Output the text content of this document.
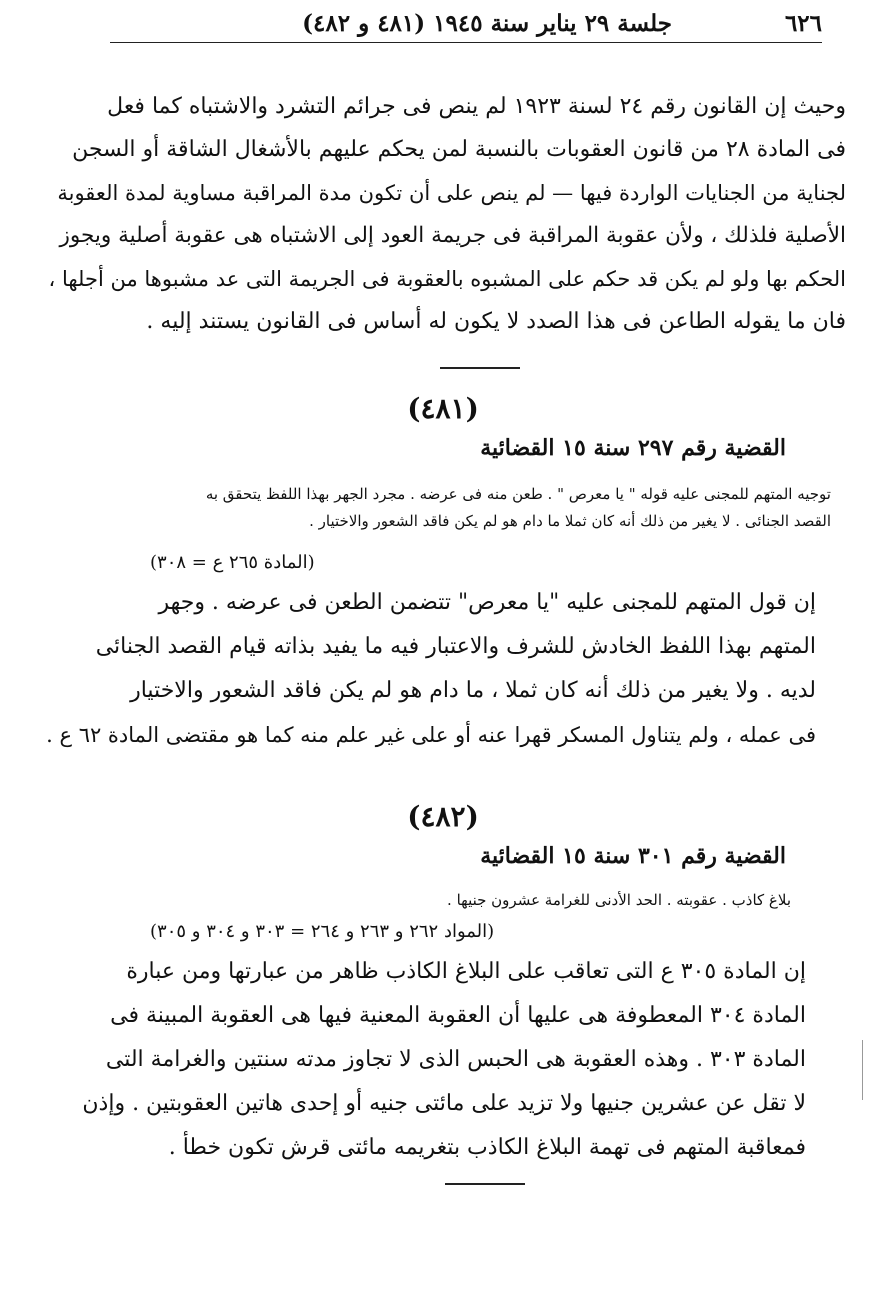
٦٢٦
جلسة ٢٩ يناير سنة ١٩٤٥ (٤٨١ و ٤٨٢)
وحيث إن القانون رقم ٢٤ لسنة ١٩٢٣ لم ينص فى جرائم التشرد والاشتباه كما فعل
فى المادة ٢٨ من قانون العقوبات بالنسبة لمن يحكم عليهم بالأشغال الشاقة أو السجن
لجناية من الجنايات الواردة فيها — لم ينص على أن تكون مدة المراقبة مساوية لمدة العقوبة
الأصلية فلذلك ، ولأن عقوبة المراقبة فى جريمة العود إلى الاشتباه هى عقوبة أصلية ويجوز
الحكم بها ولو لم يكن قد حكم على المشبوه بالعقوبة فى الجريمة التى عد مشبوها من أجلها ،
فان ما يقوله الطاعن فى هذا الصدد لا يكون له أساس فى القانون يستند إليه .
(٤٨١)
القضية رقم ٢٩٧ سنة ١٥ القضائية
توجيه المتهم للمجنى عليه قوله " يا معرص " . طعن منه فى عرضه . مجرد الجهر بهذا اللفظ يتحقق به
القصد الجنائى . لا يغير من ذلك أنه كان ثملا ما دام هو لم يكن فاقد الشعور والاختيار .
(المادة ٢٦٥ ع = ٣٠٨)
إن قول المتهم للمجنى عليه "يا معرص" تتضمن الطعن فى عرضه . وجهر
المتهم بهذا اللفظ الخادش للشرف والاعتبار فيه ما يفيد بذاته قيام القصد الجنائى
لديه . ولا يغير من ذلك أنه كان ثملا ، ما دام هو لم يكن فاقد الشعور والاختيار
فى عمله ، ولم يتناول المسكر قهرا عنه أو على غير علم منه كما هو مقتضى المادة ٦٢ ع .
(٤٨٢)
القضية رقم ٣٠١ سنة ١٥ القضائية
بلاغ كاذب . عقوبته . الحد الأدنى للغرامة عشرون جنيها .
(المواد ٢٦٢ و ٢٦٣ و ٢٦٤ = ٣٠٣ و ٣٠٤ و ٣٠٥)
إن المادة ٣٠٥ ع التى تعاقب على البلاغ الكاذب ظاهر من عبارتها ومن عبارة
المادة ٣٠٤ المعطوفة هى عليها أن العقوبة المعنية فيها هى العقوبة المبينة فى
المادة ٣٠٣ . وهذه العقوبة هى الحبس الذى لا تجاوز مدته سنتين والغرامة التى
لا تقل عن عشرين جنيها ولا تزيد على مائتى جنيه أو إحدى هاتين العقوبتين . وإذن
فمعاقبة المتهم فى تهمة البلاغ الكاذب بتغريمه مائتى قرش تكون خطأ .
